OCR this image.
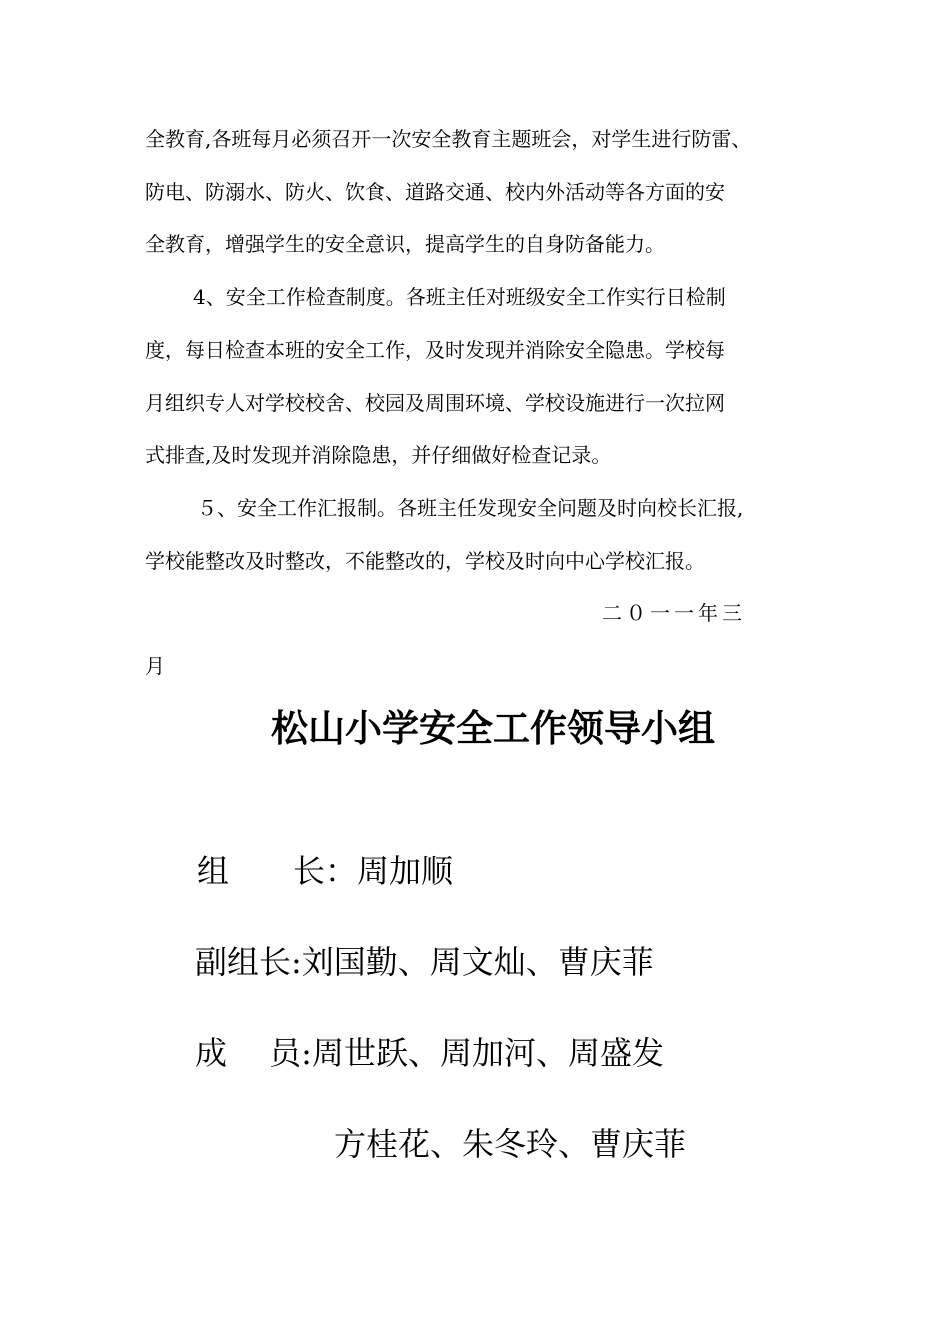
全教育,各班每月必须召开一次安全教育主题班会，对学生进行防雷、
防电、防溺水、防火、饮食、道路交通、校内外活动等各方面的安
全教育，增强学生的安全意识，提高学生的自身防备能力。
4、安全工作检查制度。各班主任对班级安全工作实行日检制
度，每日检查本班的安全工作，及时发现并消除安全隐患。学校每
月组织专人对学校校舍、校园及周围环境、学校设施进行一次拉网
式排查,及时发现并消除隐患，并仔细做好检查记录。
５、安全工作汇报制。各班主任发现安全问题及时向校长汇报,
学校能整改及时整改，不能整改的，学校及时向中心学校汇报。
二０一一年三
月
松山小学安全工作领导小组
组　　长：周加顺
副组长:刘国勤、周文灿、曹庆菲
成　 员:周世跃、周加河、周盛发
方桂花、朱冬玲、曹庆菲
